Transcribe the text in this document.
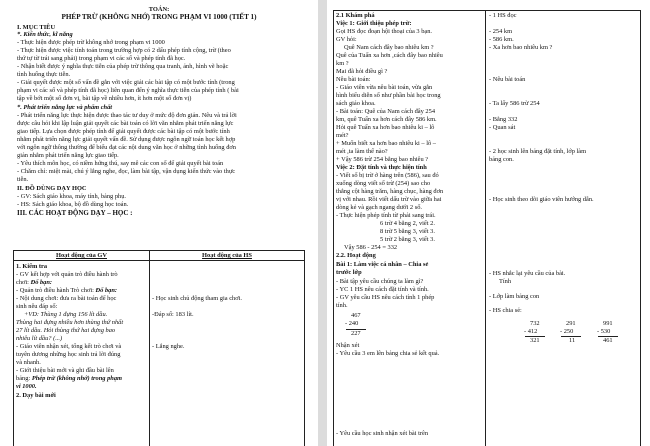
TOÁN:
PHÉP TRỪ (KHÔNG NHỚ) TRONG PHẠM VI 1000 (TIẾT 1)
I. MỤC TIÊU
*. Kiến thức, kĩ năng
- Thực hiện được phép trừ không nhớ trong phạm vi 1000
- Thực hiện được việc tính toán trong trường hợp có 2 dấu phép tính cộng, trừ (theo
thứ tự từ trái sang phải) trong phạm vi các số và phép tính đã học.
- Nhận biết được ý nghĩa thực tiễn của phép trừ thông qua tranh, ảnh, hình vẽ hoặc
tình huống thực tiễn.
- Giải quyết được một số vấn đề gắn với việc giải các bài tập có một bước tính (trong
phạm vi các số và phép tính đã học) liên quan đến ý nghĩa thực tiễn của phép tính ( bài
tập về bớt một số đơn vị, bài tập về nhiều hơn, ít hơn một số đơn vị)
*. Phát triển năng lực và phẩm chất
- Phát triển năng lực thực hiện được thao tác tư duy ở mức độ đơn giản. Nêu và trả lời
được câu hỏi khi lập luận giải quyết các bài toán có lời văn nhằm phát triển năng lực
giao tiếp. Lựa chọn được phép tính để giải quyết được các bài tập có một bước tính
nhằm phát triển năng lực giải quyết vấn đề. Sử dụng được ngôn ngữ toán học kết hợp
với ngôn ngữ thông thường để biểu đạt các nội dung văn học ở những tình huống đơn
giản nhằm phát triển năng lực giao tiếp.
- Yêu thích môn học, có niềm hứng thú, say mê các con số để giải quyết bài toán
- Chăm chỉ: miệt mài, chú ý lắng nghe, đọc, làm bài tập, vận dụng kiến thức vào thực
tiễn.
II. ĐỒ DÙNG DẠY HỌC
- GV: Sách giáo khoa, máy tính, bảng phụ.
- HS: Sách giáo khoa, bộ đồ dùng học toán.
III. CÁC HOẠT ĐỘNG DẠY – HỌC :
Hoạt động của GV	Hoạt động của HS
1. Kiểm tra
- GV kết hợp với quản trò điều hành trò
chơi: Đố bạn:
- Quản trò điều hành Trò chơi: Đố bạn:
- Nội dung chơi: đưa ra bài toán để học
sinh nêu đáp số:
+VD: Thùng 1 đựng 156 lít dầu.
Thùng hai đựng nhiều hơn thùng thứ nhất
27 lít dầu. Hỏi thùng thứ hai đựng bao
nhiêu lít dầu? (...)
- Giáo viên nhận xét, tổng kết trò chơi và
tuyên dương những học sinh trả lời đúng
và nhanh.
- Giới thiệu bài mới và ghi đầu bài lên
bảng: Phép trừ (không nhớ) trong phạm
vi 1000.
2. Dạy bài mới
- Học sinh chủ động tham gia chơi.
-Đáp số: 183 lít.
- Lắng nghe.
2.1 Khám phá
Việc 1: Giới thiệu phép trừ:
Gọi HS đọc đoạn hội thoại của 3 bạn.
GV hỏi:
Quê Nam cách đây bao nhiêu km ?
Quê của Tuấn xa hơn ,cách đây bao nhiêu
km ?
Mai đã hỏi điều gì ?
Nêu bài toán:
- Giáo viên vừa nêu bài toán, vừa gắn
hình biểu diễn số như phần bài học trong
sách giáo khoa.
- Bài toán: Quê của Nam cách đây 254
km, quê Tuấn xa hơn cách đây 586 km.
Hỏi quê Tuấn xa hơn bao nhiêu ki – lô
mét?
+ Muốn biết xa hơn bao nhiêu ki – lô –
mét ,ta làm thế nào?
+ Vậy 586 trừ 254 bằng bao nhiêu ?
Việc 2: Đặt tính và thực hiện tính
- Viết số bị trừ ở hàng trên (586), sau đó
xuống dòng viết số trừ (254) sao cho
thẳng cột hàng trăm, hàng chục, hàng đơn
vị với nhau. Rồi viết dấu trừ vào giữa hai
dòng kẻ và gạch ngang dưới 2 số.
- Thực hiện phép tính từ phải sang trái.
6 trừ 4 bằng 2, viết 2.
8 trừ 5 bằng 3, viết 3.
5 trừ 2 bằng 3, viết 3.
Vậy 586 - 254 = 332
2.2. Hoạt động
Bài 1: Làm việc cá nhân – Chia sẻ
trước lớp
- Bài tập yêu cầu chúng ta làm gì?
- YC 1 HS nêu cách đặt tính và tính.
- GV yêu cầu HS nêu cách tính 1 phép
tính.
467
- 240
227
Nhận xét
- Yêu cầu 3 em lên bảng chia sẻ kết quả.
- Yêu cầu học sinh nhận xét bài trên
- 1 HS đọc
- 254 km
- 586 km.
- Xa hơn bao nhiêu km ?
- Nêu bài toán
- Ta lấy 586 trừ 254
- Bằng 332
- Quan sát
- 2 học sinh lên bảng đặt tính, lớp làm
bảng con.
- Học sinh theo dõi giáo viên hướng dẫn.
- HS nhắc lại yêu cầu của bài.
Tính
- Lớp làm bảng con
- HS chia sẻ:
732
- 412
321
291
- 250
11
991
- 530
461
